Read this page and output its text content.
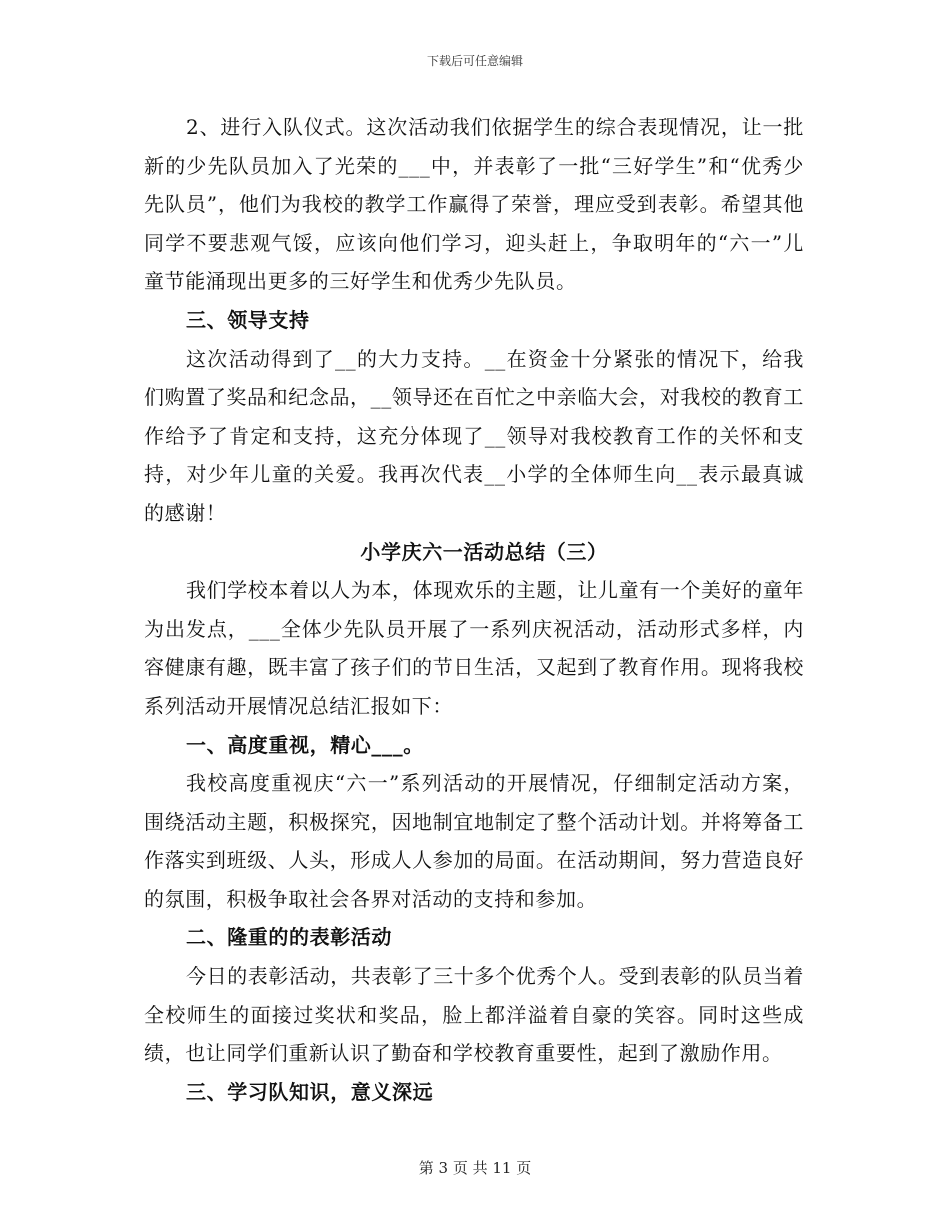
下载后可任意编辑

2、进行入队仪式。这次活动我们依据学生的综合表现情况，让一批新的少先队员加入了光荣的___中，并表彰了一批“三好学生”和“优秀少先队员”，他们为我校的教学工作赢得了荣誉，理应受到表彰。希望其他同学不要悲观气馁，应该向他们学习，迎头赶上，争取明年的“六一”儿童节能涌现出更多的三好学生和优秀少先队员。

三、领导支持

这次活动得到了__的大力支持。__在资金十分紧张的情况下，给我们购置了奖品和纪念品，__领导还在百忙之中亲临大会，对我校的教育工作给予了肯定和支持，这充分体现了__领导对我校教育工作的关怀和支持，对少年儿童的关爱。我再次代表__小学的全体师生向__表示最真诚的感谢！

小学庆六一活动总结（三）

我们学校本着以人为本，体现欢乐的主题，让儿童有一个美好的童年为出发点，___全体少先队员开展了一系列庆祝活动，活动形式多样，内容健康有趣，既丰富了孩子们的节日生活，又起到了教育作用。现将我校系列活动开展情况总结汇报如下：

一、高度重视，精心___。

我校高度重视庆“六一”系列活动的开展情况，仔细制定活动方案，围绕活动主题，积极探究，因地制宜地制定了整个活动计划。并将筹备工作落实到班级、人头，形成人人参加的局面。在活动期间，努力营造良好的氛围，积极争取社会各界对活动的支持和参加。

二、隆重的的表彰活动

今日的表彰活动，共表彰了三十多个优秀个人。受到表彰的队员当着全校师生的面接过奖状和奖品，脸上都洋溢着自豪的笑容。同时这些成绩，也让同学们重新认识了勤奋和学校教育重要性，起到了激励作用。

三、学习队知识，意义深远

第 3 页 共 11 页
